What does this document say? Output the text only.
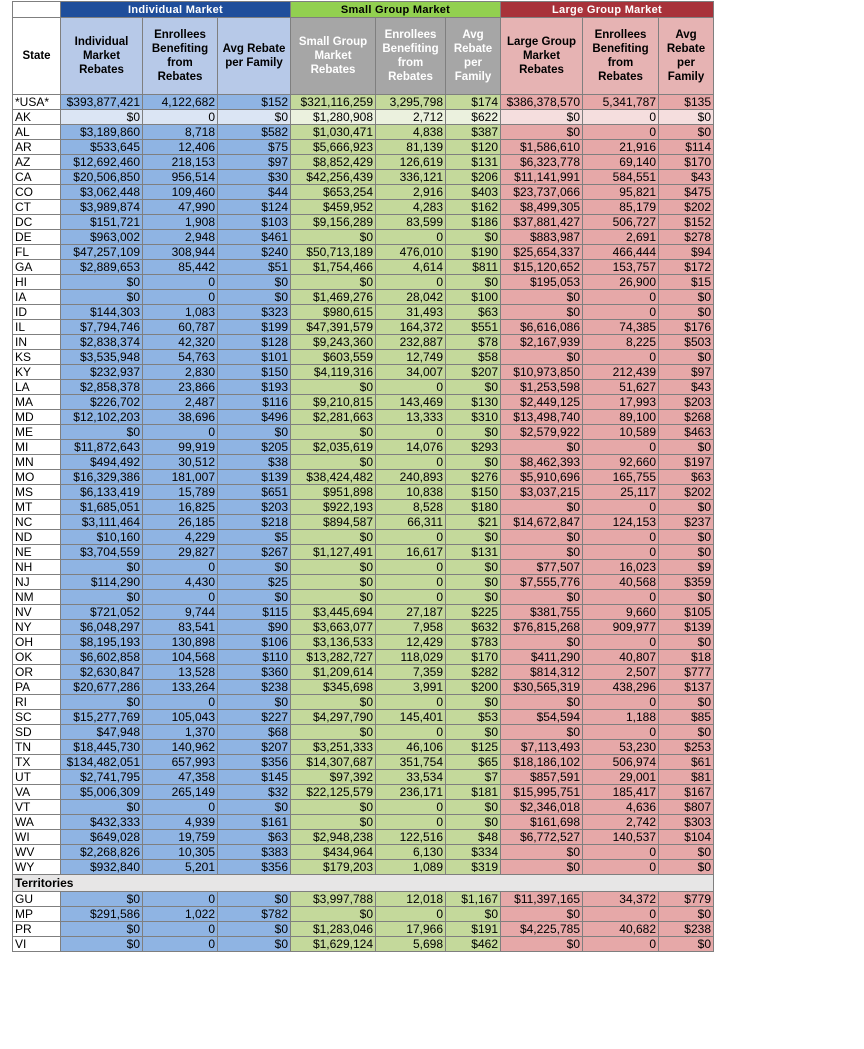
	Individual Market			Small Group Market			Large Group Market		
State	Individual Market Rebates	Enrollees Benefiting from Rebates	Avg Rebate per Family	Small Group Market Rebates	Enrollees Benefiting from Rebates	Avg Rebate per Family	Large Group Market Rebates	Enrollees Benefiting from Rebates	Avg Rebate per Family
*USA*	$393,877,421	4,122,682	$152	$321,116,259	3,295,798	$174	$386,378,570	5,341,787	$135
AK	$0	0	$0	$1,280,908	2,712	$622	$0	0	$0
AL	$3,189,860	8,718	$582	$1,030,471	4,838	$387	$0	0	$0
AR	$533,645	12,406	$75	$5,666,923	81,139	$120	$1,586,610	21,916	$114
AZ	$12,692,460	218,153	$97	$8,852,429	126,619	$131	$6,323,778	69,140	$170
CA	$20,506,850	956,514	$30	$42,256,439	336,121	$206	$11,141,991	584,551	$43
CO	$3,062,448	109,460	$44	$653,254	2,916	$403	$23,737,066	95,821	$475
CT	$3,989,874	47,990	$124	$459,952	4,283	$162	$8,499,305	85,179	$202
DC	$151,721	1,908	$103	$9,156,289	83,599	$186	$37,881,427	506,727	$152
DE	$963,002	2,948	$461	$0	0	$0	$883,987	2,691	$278
FL	$47,257,109	308,944	$240	$50,713,189	476,010	$190	$25,654,337	466,444	$94
GA	$2,889,653	85,442	$51	$1,754,466	4,614	$811	$15,120,652	153,757	$172
HI	$0	0	$0	$0	0	$0	$195,053	26,900	$15
IA	$0	0	$0	$1,469,276	28,042	$100	$0	0	$0
ID	$144,303	1,083	$323	$980,615	31,493	$63	$0	0	$0
IL	$7,794,746	60,787	$199	$47,391,579	164,372	$551	$6,616,086	74,385	$176
IN	$2,838,374	42,320	$128	$9,243,360	232,887	$78	$2,167,939	8,225	$503
KS	$3,535,948	54,763	$101	$603,559	12,749	$58	$0	0	$0
KY	$232,937	2,830	$150	$4,119,316	34,007	$207	$10,973,850	212,439	$97
LA	$2,858,378	23,866	$193	$0	0	$0	$1,253,598	51,627	$43
MA	$226,702	2,487	$116	$9,210,815	143,469	$130	$2,449,125	17,993	$203
MD	$12,102,203	38,696	$496	$2,281,663	13,333	$310	$13,498,740	89,100	$268
ME	$0	0	$0	$0	0	$0	$2,579,922	10,589	$463
MI	$11,872,643	99,919	$205	$2,035,619	14,076	$293	$0	0	$0
MN	$494,492	30,512	$38	$0	0	$0	$8,462,393	92,660	$197
MO	$16,329,386	181,007	$139	$38,424,482	240,893	$276	$5,910,696	165,755	$63
MS	$6,133,419	15,789	$651	$951,898	10,838	$150	$3,037,215	25,117	$202
MT	$1,685,051	16,825	$203	$922,193	8,528	$180	$0	0	$0
NC	$3,111,464	26,185	$218	$894,587	66,311	$21	$14,672,847	124,153	$237
ND	$10,160	4,229	$5	$0	0	$0	$0	0	$0
NE	$3,704,559	29,827	$267	$1,127,491	16,617	$131	$0	0	$0
NH	$0	0	$0	$0	0	$0	$77,507	16,023	$9
NJ	$114,290	4,430	$25	$0	0	$0	$7,555,776	40,568	$359
NM	$0	0	$0	$0	0	$0	$0	0	$0
NV	$721,052	9,744	$115	$3,445,694	27,187	$225	$381,755	9,660	$105
NY	$6,048,297	83,541	$90	$3,663,077	7,958	$632	$76,815,268	909,977	$139
OH	$8,195,193	130,898	$106	$3,136,533	12,429	$783	$0	0	$0
OK	$6,602,858	104,568	$110	$13,282,727	118,029	$170	$411,290	40,807	$18
OR	$2,630,847	13,528	$360	$1,209,614	7,359	$282	$814,312	2,507	$777
PA	$20,677,286	133,264	$238	$345,698	3,991	$200	$30,565,319	438,296	$137
RI	$0	0	$0	$0	0	$0	$0	0	$0
SC	$15,277,769	105,043	$227	$4,297,790	145,401	$53	$54,594	1,188	$85
SD	$47,948	1,370	$68	$0	0	$0	$0	0	$0
TN	$18,445,730	140,962	$207	$3,251,333	46,106	$125	$7,113,493	53,230	$253
TX	$134,482,051	657,993	$356	$14,307,687	351,754	$65	$18,186,102	506,974	$61
UT	$2,741,795	47,358	$145	$97,392	33,534	$7	$857,591	29,001	$81
VA	$5,006,309	265,149	$32	$22,125,579	236,171	$181	$15,995,751	185,417	$167
VT	$0	0	$0	$0	0	$0	$2,346,018	4,636	$807
WA	$432,333	4,939	$161	$0	0	$0	$161,698	2,742	$303
WI	$649,028	19,759	$63	$2,948,238	122,516	$48	$6,772,527	140,537	$104
WV	$2,268,826	10,305	$383	$434,964	6,130	$334	$0	0	$0
WY	$932,840	5,201	$356	$179,203	1,089	$319	$0	0	$0
Territories									
GU	$0	0	$0	$3,997,788	12,018	$1,167	$11,397,165	34,372	$779
MP	$291,586	1,022	$782	$0	0	$0	$0	0	$0
PR	$0	0	$0	$1,283,046	17,966	$191	$4,225,785	40,682	$238
VI	$0	0	$0	$1,629,124	5,698	$462	$0	0	$0
